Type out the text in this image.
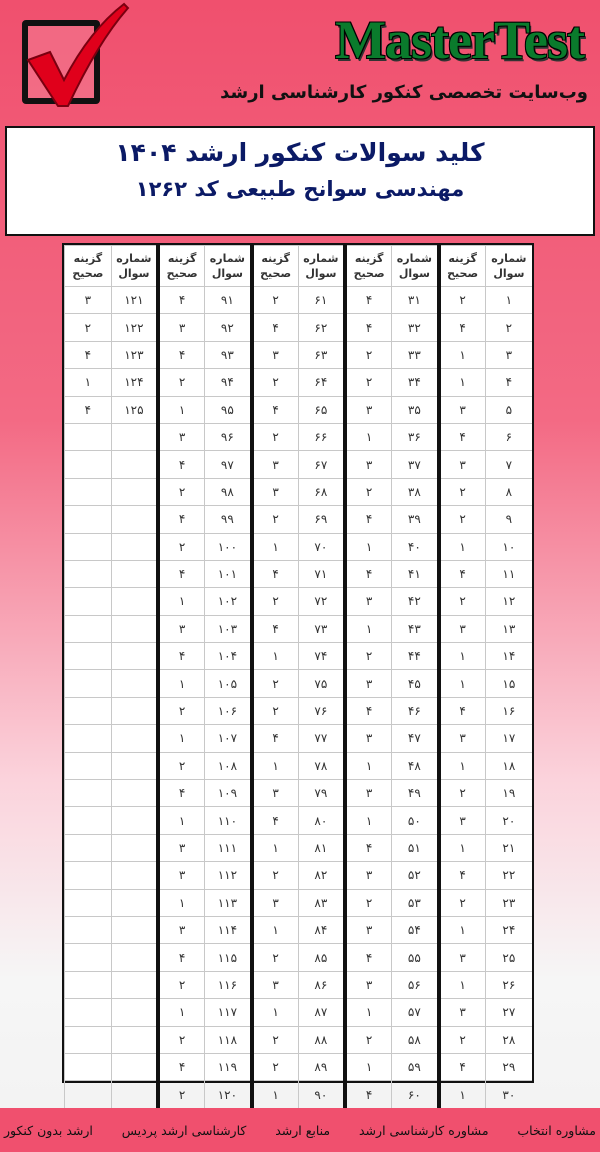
MasterTest
وب‌سایت تخصصی کنکور کارشناسی ارشد
کلید سوالات کنکور ارشد ۱۴۰۴
مهندسی سوانح طبیعی کد ۱۲۶۲
شماره سوال	گزینه صحیح	شماره سوال	گزینه صحیح	شماره سوال	گزینه صحیح	شماره سوال	گزینه صحیح	شماره سوال	گزینه صحیح
۱	۲	۳۱	۴	۶۱	۲	۹۱	۴	۱۲۱	۳
۲	۴	۳۲	۴	۶۲	۴	۹۲	۳	۱۲۲	۲
۳	۱	۳۳	۲	۶۳	۳	۹۳	۴	۱۲۳	۴
۴	۱	۳۴	۲	۶۴	۲	۹۴	۲	۱۲۴	۱
۵	۳	۳۵	۳	۶۵	۴	۹۵	۱	۱۲۵	۴
۶	۴	۳۶	۱	۶۶	۲	۹۶	۳		
۷	۳	۳۷	۳	۶۷	۳	۹۷	۴		
۸	۲	۳۸	۲	۶۸	۳	۹۸	۲		
۹	۲	۳۹	۴	۶۹	۲	۹۹	۴		
۱۰	۱	۴۰	۱	۷۰	۱	۱۰۰	۲		
۱۱	۴	۴۱	۴	۷۱	۴	۱۰۱	۴		
۱۲	۲	۴۲	۳	۷۲	۲	۱۰۲	۱		
۱۳	۳	۴۳	۱	۷۳	۴	۱۰۳	۳		
۱۴	۱	۴۴	۲	۷۴	۱	۱۰۴	۴		
۱۵	۱	۴۵	۳	۷۵	۲	۱۰۵	۱		
۱۶	۴	۴۶	۴	۷۶	۲	۱۰۶	۲		
۱۷	۳	۴۷	۳	۷۷	۴	۱۰۷	۱		
۱۸	۱	۴۸	۱	۷۸	۱	۱۰۸	۲		
۱۹	۲	۴۹	۳	۷۹	۳	۱۰۹	۴		
۲۰	۳	۵۰	۱	۸۰	۴	۱۱۰	۱		
۲۱	۱	۵۱	۴	۸۱	۱	۱۱۱	۳		
۲۲	۴	۵۲	۳	۸۲	۲	۱۱۲	۳		
۲۳	۲	۵۳	۲	۸۳	۳	۱۱۳	۱		
۲۴	۱	۵۴	۳	۸۴	۱	۱۱۴	۳		
۲۵	۳	۵۵	۴	۸۵	۲	۱۱۵	۴		
۲۶	۱	۵۶	۳	۸۶	۳	۱۱۶	۲		
۲۷	۳	۵۷	۱	۸۷	۱	۱۱۷	۱		
۲۸	۲	۵۸	۲	۸۸	۲	۱۱۸	۲		
۲۹	۴	۵۹	۱	۸۹	۲	۱۱۹	۴		
۳۰	۱	۶۰	۴	۹۰	۱	۱۲۰	۲		
ارشد بدون کنکور کارشناسی ارشد پردیس منابع ارشد مشاوره کارشناسی ارشد مشاوره انتخاب
